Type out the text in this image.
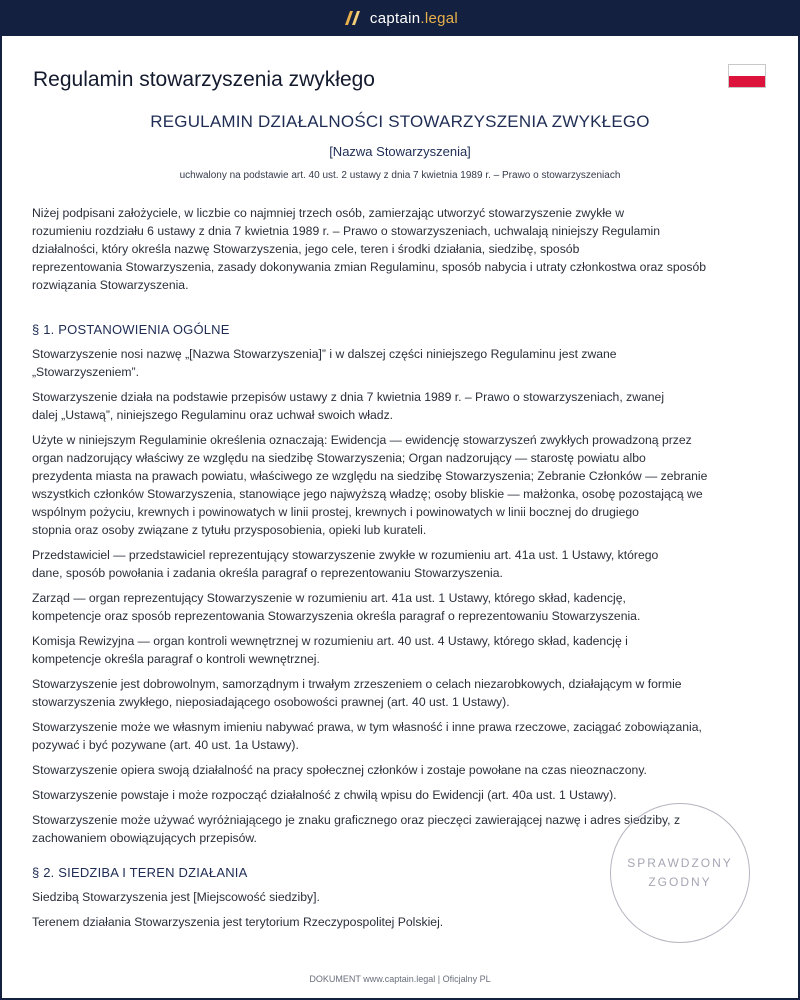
captain.legal
Regulamin stowarzyszenia zwykłego
REGULAMIN DZIAŁALNOŚCI STOWARZYSZENIA ZWYKŁEGO
[Nazwa Stowarzyszenia]
uchwalony na podstawie art. 40 ust. 2 ustawy z dnia 7 kwietnia 1989 r. – Prawo o stowarzyszeniach

Niżej podpisani założyciele, w liczbie co najmniej trzech osób, zamierzając utworzyć stowarzyszenie zwykłe w
rozumieniu rozdziału 6 ustawy z dnia 7 kwietnia 1989 r. – Prawo o stowarzyszeniach, uchwalają niniejszy Regulamin
działalności, który określa nazwę Stowarzyszenia, jego cele, teren i środki działania, siedzibę, sposób
reprezentowania Stowarzyszenia, zasady dokonywania zmian Regulaminu, sposób nabycia i utraty członkostwa oraz sposób
rozwiązania Stowarzyszenia.

§ 1. POSTANOWIENIA OGÓLNE

Stowarzyszenie nosi nazwę „[Nazwa Stowarzyszenia]” i w dalszej części niniejszego Regulaminu jest zwane
„Stowarzyszeniem”.

Stowarzyszenie działa na podstawie przepisów ustawy z dnia 7 kwietnia 1989 r. – Prawo o stowarzyszeniach, zwanej
dalej „Ustawą”, niniejszego Regulaminu oraz uchwał swoich władz.

Użyte w niniejszym Regulaminie określenia oznaczają: Ewidencja — ewidencję stowarzyszeń zwykłych prowadzoną przez
organ nadzorujący właściwy ze względu na siedzibę Stowarzyszenia; Organ nadzorujący — starostę powiatu albo
prezydenta miasta na prawach powiatu, właściwego ze względu na siedzibę Stowarzyszenia; Zebranie Członków — zebranie
wszystkich członków Stowarzyszenia, stanowiące jego najwyższą władzę; osoby bliskie — małżonka, osobę pozostającą we
wspólnym pożyciu, krewnych i powinowatych w linii prostej, krewnych i powinowatych w linii bocznej do drugiego
stopnia oraz osoby związane z tytułu przysposobienia, opieki lub kurateli.

Przedstawiciel — przedstawiciel reprezentujący stowarzyszenie zwykłe w rozumieniu art. 41a ust. 1 Ustawy, którego
dane, sposób powołania i zadania określa paragraf o reprezentowaniu Stowarzyszenia.

Zarząd — organ reprezentujący Stowarzyszenie w rozumieniu art. 41a ust. 1 Ustawy, którego skład, kadencję,
kompetencje oraz sposób reprezentowania Stowarzyszenia określa paragraf o reprezentowaniu Stowarzyszenia.

Komisja Rewizyjna — organ kontroli wewnętrznej w rozumieniu art. 40 ust. 4 Ustawy, którego skład, kadencję i
kompetencje określa paragraf o kontroli wewnętrznej.

Stowarzyszenie jest dobrowolnym, samorządnym i trwałym zrzeszeniem o celach niezarobkowych, działającym w formie
stowarzyszenia zwykłego, nieposiadającego osobowości prawnej (art. 40 ust. 1 Ustawy).

Stowarzyszenie może we własnym imieniu nabywać prawa, w tym własność i inne prawa rzeczowe, zaciągać zobowiązania,
pozywać i być pozywane (art. 40 ust. 1a Ustawy).

Stowarzyszenie opiera swoją działalność na pracy społecznej członków i zostaje powołane na czas nieoznaczony.

Stowarzyszenie powstaje i może rozpocząć działalność z chwilą wpisu do Ewidencji (art. 40a ust. 1 Ustawy).

Stowarzyszenie może używać wyróżniającego je znaku graficznego oraz pieczęci zawierającej nazwę i adres siedziby, z
zachowaniem obowiązujących przepisów.

§ 2. SIEDZIBA I TEREN DZIAŁANIA

Siedzibą Stowarzyszenia jest [Miejscowość siedziby].

Terenem działania Stowarzyszenia jest terytorium Rzeczypospolitej Polskiej.

SPRAWDZONY
ZGODNY
DOKUMENT www.captain.legal | Oficjalny PL
